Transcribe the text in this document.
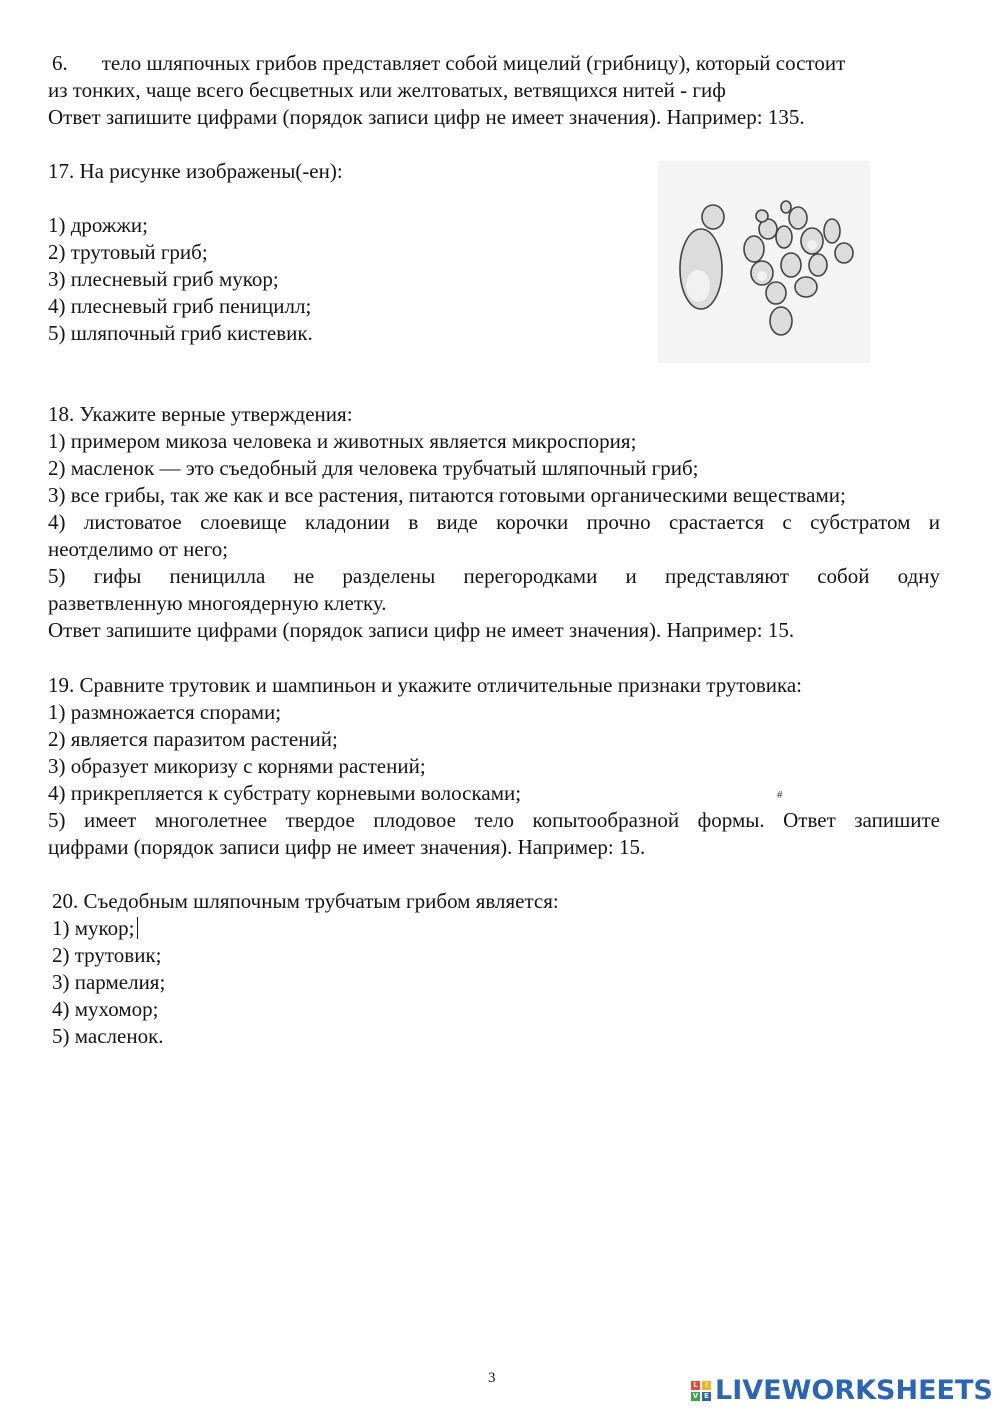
6. тело шляпочных грибов представляет собой мицелий (грибницу), который состоит
из тонких, чаще всего бесцветных или желтоватых, ветвящихся нитей - гиф
Ответ запишите цифрами (порядок записи цифр не имеет значения). Например: 135.
17. На рисунке изображены(-ен):
1) дрожжи;
2) трутовый гриб;
3) плесневый гриб мукор;
4) плесневый гриб пеницилл;
5) шляпочный гриб кистевик.
18. Укажите верные утверждения:
1) примером микоза человека и животных является микроспория;
2) масленок — это съедобный для человека трубчатый шляпочный гриб;
3) все грибы, так же как и все растения, питаются готовыми органическими веществами;
4) листоватое слоевище кладонии в виде корочки прочно срастается с субстратом и
неотделимо от него;
5) гифы пеницилла не разделены перегородками и представляют собой одну
разветвленную многоядерную клетку.
Ответ запишите цифрами (порядок записи цифр не имеет значения). Например: 15.
19. Сравните трутовик и шампиньон и укажите отличительные признаки трутовика:
1) размножается спорами;
2) является паразитом растений;
3) образует микоризу с корнями растений;
4) прикрепляется к субстрату корневыми волосками;
5) имеет многолетнее твердое плодовое тело копытообразной формы. Ответ запишите
цифрами (порядок записи цифр не имеет значения). Например: 15.
#
20. Съедобным шляпочным трубчатым грибом является:
1) мукор;
2) трутовик;
3) пармелия;
4) мухомор;
5) масленок.
3	L	I
V E LIVEWORKSHEETS
